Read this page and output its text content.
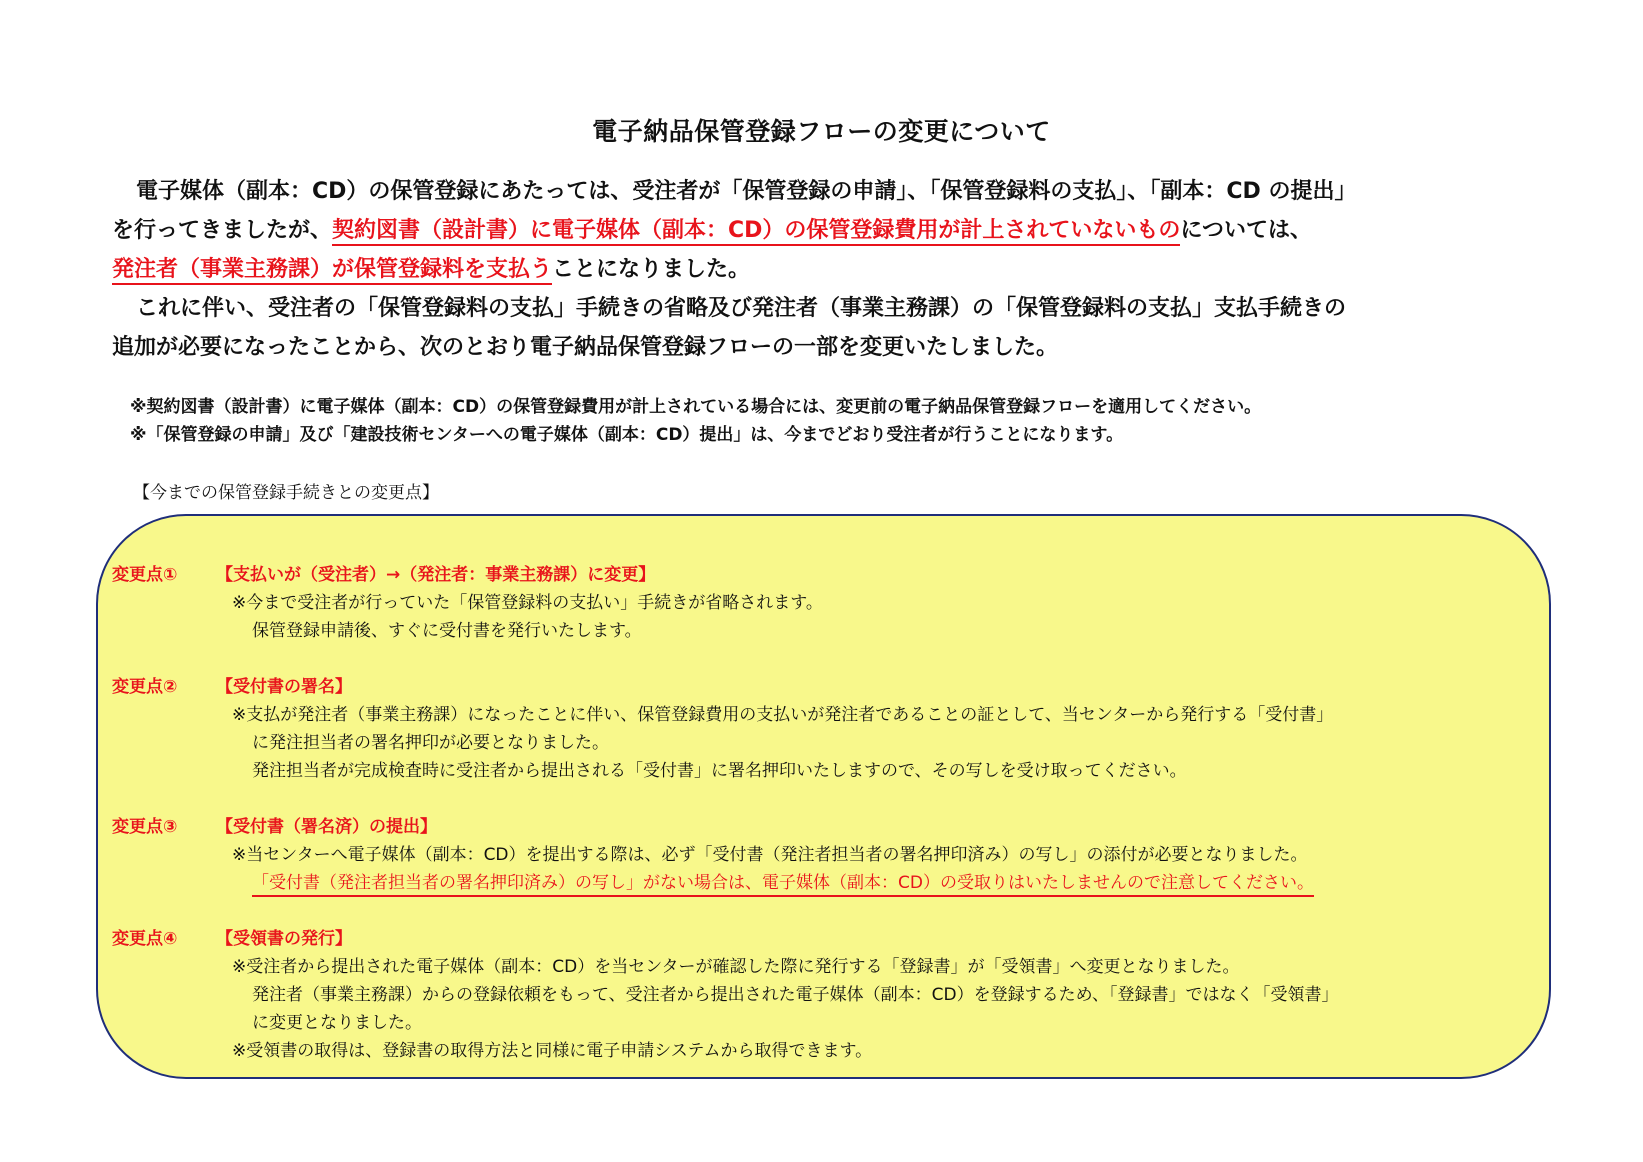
電子納品保管登録フローの変更について

電子媒体（副本：CD）の保管登録にあたっては、受注者が「保管登録の申請」、「保管登録料の支払」、「副本：CD の提出」

を行ってきましたが、契約図書（設計書）に電子媒体（副本：CD）の保管登録費用が計上されていないものについては、

発注者（事業主務課）が保管登録料を支払うことになりました。

これに伴い、受注者の「保管登録料の支払」手続きの省略及び発注者（事業主務課）の「保管登録料の支払」支払手続きの

追加が必要になったことから、次のとおり電子納品保管登録フローの一部を変更いたしました。

※契約図書（設計書）に電子媒体（副本：CD）の保管登録費用が計上されている場合には、変更前の電子納品保管登録フローを適用してください。

※「保管登録の申請」及び「建設技術センターへの電子媒体（副本：CD）提出」は、今までどおり受注者が行うことになります。

【今までの保管登録手続きとの変更点】
変更点① 【支払いが（受注者）→（発注者：事業主務課）に変更】
※今まで受注者が行っていた「保管登録料の支払い」手続きが省略されます。
保管登録申請後、すぐに受付書を発行いたします。
変更点② 【受付書の署名】
※支払が発注者（事業主務課）になったことに伴い、保管登録費用の支払いが発注者であることの証として、当センターから発行する「受付書」
に発注担当者の署名押印が必要となりました。
発注担当者が完成検査時に受注者から提出される「受付書」に署名押印いたしますので、その写しを受け取ってください。
変更点③ 【受付書（署名済）の提出】
※当センターへ電子媒体（副本：CD）を提出する際は、必ず「受付書（発注者担当者の署名押印済み）の写し」の添付が必要となりました。
「受付書（発注者担当者の署名押印済み）の写し」がない場合は、電子媒体（副本：CD）の受取りはいたしませんので注意してください。
変更点④ 【受領書の発行】
※受注者から提出された電子媒体（副本：CD）を当センターが確認した際に発行する「登録書」が「受領書」へ変更となりました。
発注者（事業主務課）からの登録依頼をもって、受注者から提出された電子媒体（副本：CD）を登録するため、「登録書」ではなく「受領書」
に変更となりました。
※受領書の取得は、登録書の取得方法と同様に電子申請システムから取得できます。
